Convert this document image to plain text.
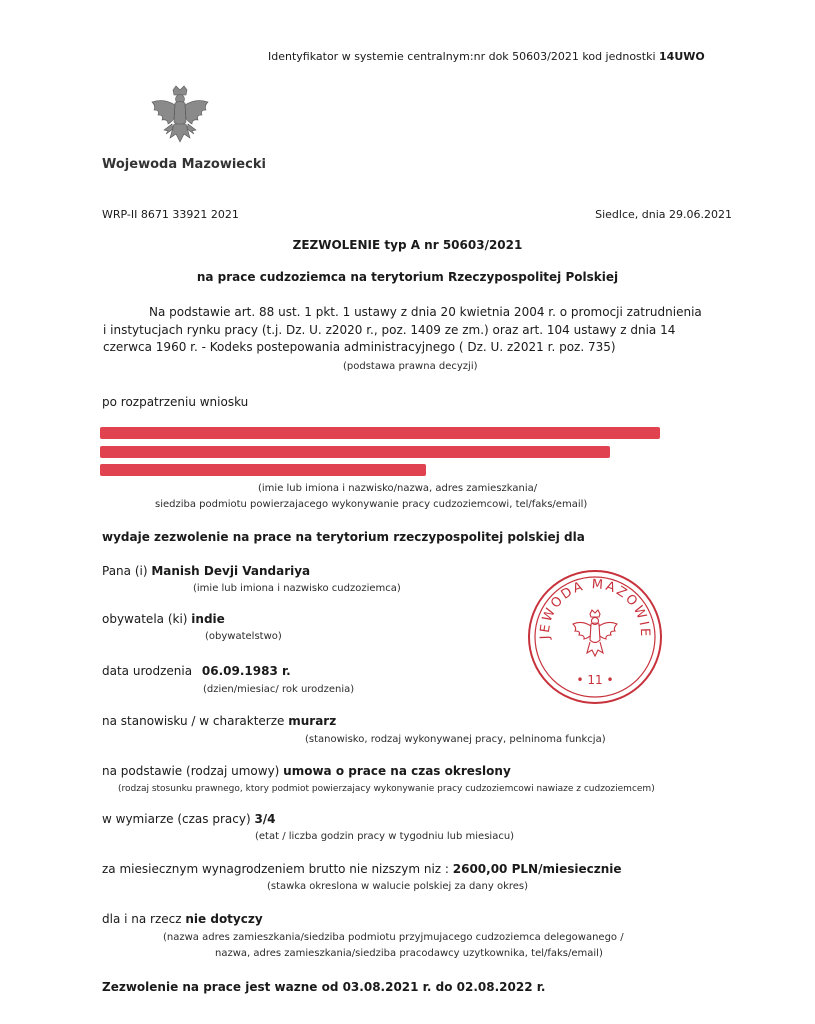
Identyfikator w systemie centralnym:nr dok 50603/2021 kod jednostki 14UWO
Wojewoda Mazowiecki
WRP-II 8671 33921 2021	Siedlce, dnia 29.06.2021
ZEZWOLENIE typ A nr 50603/2021
na prace cudzoziemca na terytorium Rzeczypospolitej Polskiej
Na podstawie art. 88 ust. 1 pkt. 1 ustawy z dnia 20 kwietnia 2004 r. o promocji zatrudnienia
i instytucjach rynku pracy (t.j. Dz. U. z2020 r., poz. 1409 ze zm.) oraz art. 104 ustawy z dnia 14
czerwca 1960 r. - Kodeks postepowania administracyjnego ( Dz. U. z2021 r. poz. 735)
(podstawa prawna decyzji)
po rozpatrzeniu wniosku
(imie lub imiona i nazwisko/nazwa, adres zamieszkania/
siedziba podmiotu powierzajacego wykonywanie pracy cudzoziemcowi, tel/faks/email)
wydaje zezwolenie na prace na terytorium rzeczypospolitej polskiej dla
Pana (i) Manish Devji Vandariya
(imie lub imiona i nazwisko cudzoziemca)
obywatela (ki) indie
(obywatelstwo)
data urodzenia 06.09.1983 r.
(dzien/miesiac/ rok urodzenia)
na stanowisku / w charakterze murarz
(stanowisko, rodzaj wykonywanej pracy, pelninoma funkcja)
na podstawie (rodzaj umowy) umowa o prace na czas okreslony
(rodzaj stosunku prawnego, ktory podmiot powierzajacy wykonywanie pracy cudzoziemcowi nawiaze z cudzoziemcem)
w wymiarze (czas pracy) 3/4
(etat / liczba godzin pracy w tygodniu lub miesiacu)
za miesiecznym wynagrodzeniem brutto nie nizszym niz : 2600,00 PLN/miesiecznie
(stawka okreslona w walucie polskiej za dany okres)
dla i na rzecz nie dotyczy
(nazwa adres zamieszkania/siedziba podmiotu przyjmujacego cudzoziemca delegowanego /
nazwa, adres zamieszkania/siedziba pracodawcy uzytkownika, tel/faks/email)
Zezwolenie na prace jest wazne od 03.08.2021 r. do 02.08.2022 r.
JEWODA MAZOWIE
• 11 •
